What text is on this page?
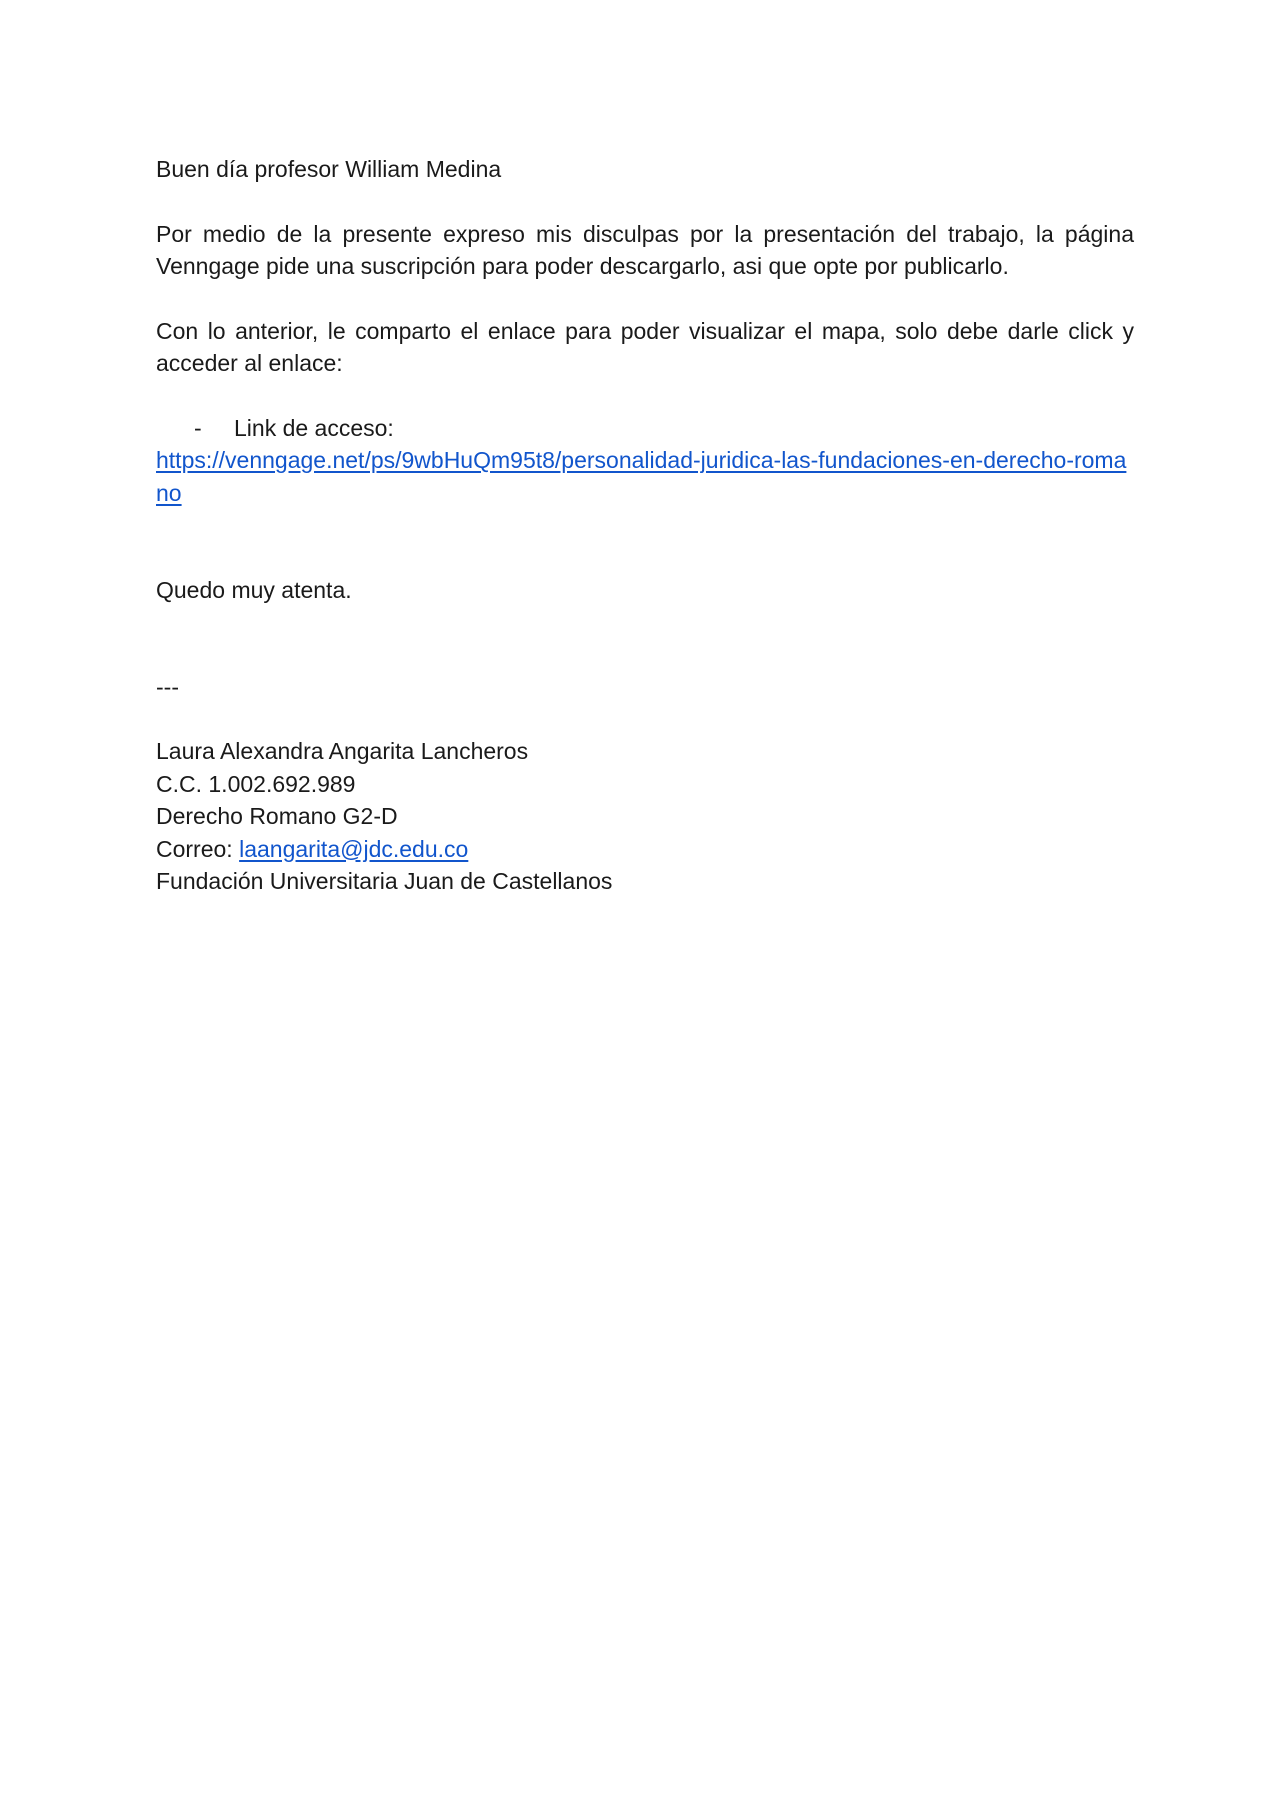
Buen día profesor William Medina

Por medio de la presente expreso mis disculpas por la presentación del trabajo, la página Venngage pide una suscripción para poder descargarlo, asi que opte por publicarlo.

Con lo anterior, le comparto el enlace para poder visualizar el mapa, solo debe darle click y acceder al enlace:

-	Link de acceso:
https://venngage.net/ps/9wbHuQm95t8/personalidad-juridica-las-fundaciones-en-derecho-romano

Quedo muy atenta.

---

Laura Alexandra Angarita Lancheros

C.C. 1.002.692.989

Derecho Romano G2-D

Correo: laangarita@jdc.edu.co

Fundación Universitaria Juan de Castellanos
